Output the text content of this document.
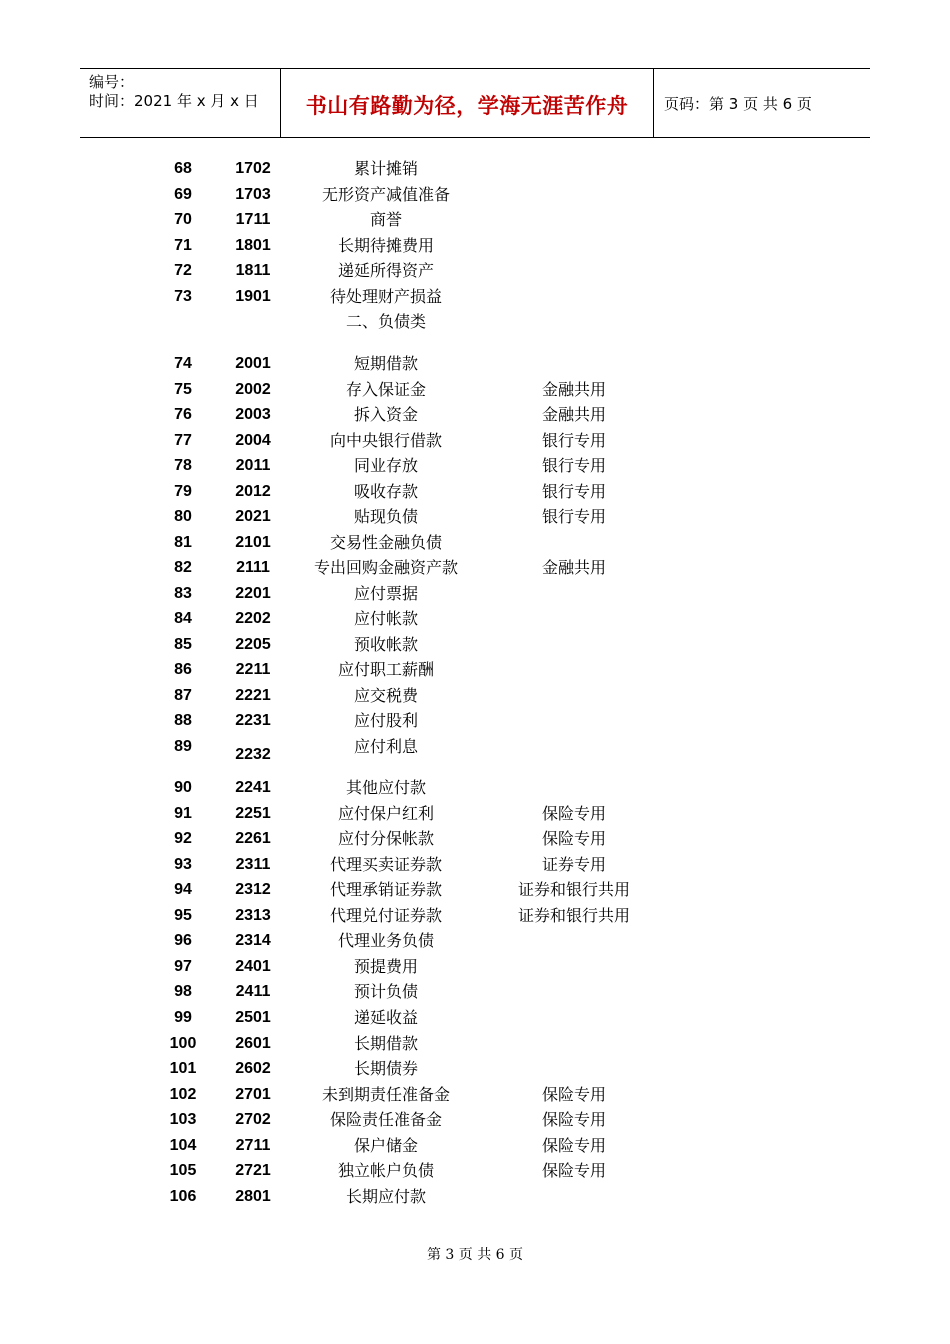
编号：
时间：2021 年 x 月 x 日	书山有路勤为径，学海无涯苦作舟	页码：第 3 页 共 6 页
二、负债类
68	1702	累计摊销
69	1703	无形资产减值准备
70	1711	商誉
71	1801	长期待摊费用
72	1811	递延所得资产
73	1901	待处理财产损益
74	2001	短期借款
75	2002	存入保证金	金融共用
76	2003	拆入资金	金融共用
77	2004	向中央银行借款	银行专用
78	2011	同业存放	银行专用
79	2012	吸收存款	银行专用
80	2021	贴现负债	银行专用
81	2101	交易性金融负债
82	2111	专出回购金融资产款	金融共用
83	2201	应付票据
84	2202	应付帐款
85	2205	预收帐款
86	2211	应付职工薪酬
87	2221	应交税费
88	2231	应付股利
89	2232	应付利息
90	2241	其他应付款
91	2251	应付保户红利	保险专用
92	2261	应付分保帐款	保险专用
93	2311	代理买卖证券款	证券专用
94	2312	代理承销证券款	证券和银行共用
95	2313	代理兑付证券款	证券和银行共用
96	2314	代理业务负债
97	2401	预提费用
98	2411	预计负债
99	2501	递延收益
100	2601	长期借款
101	2602	长期债券
102	2701	未到期责任准备金	保险专用
103	2702	保险责任准备金	保险专用
104	2711	保户储金	保险专用
105	2721	独立帐户负债	保险专用
106	2801	长期应付款
第 3 页 共 6 页
